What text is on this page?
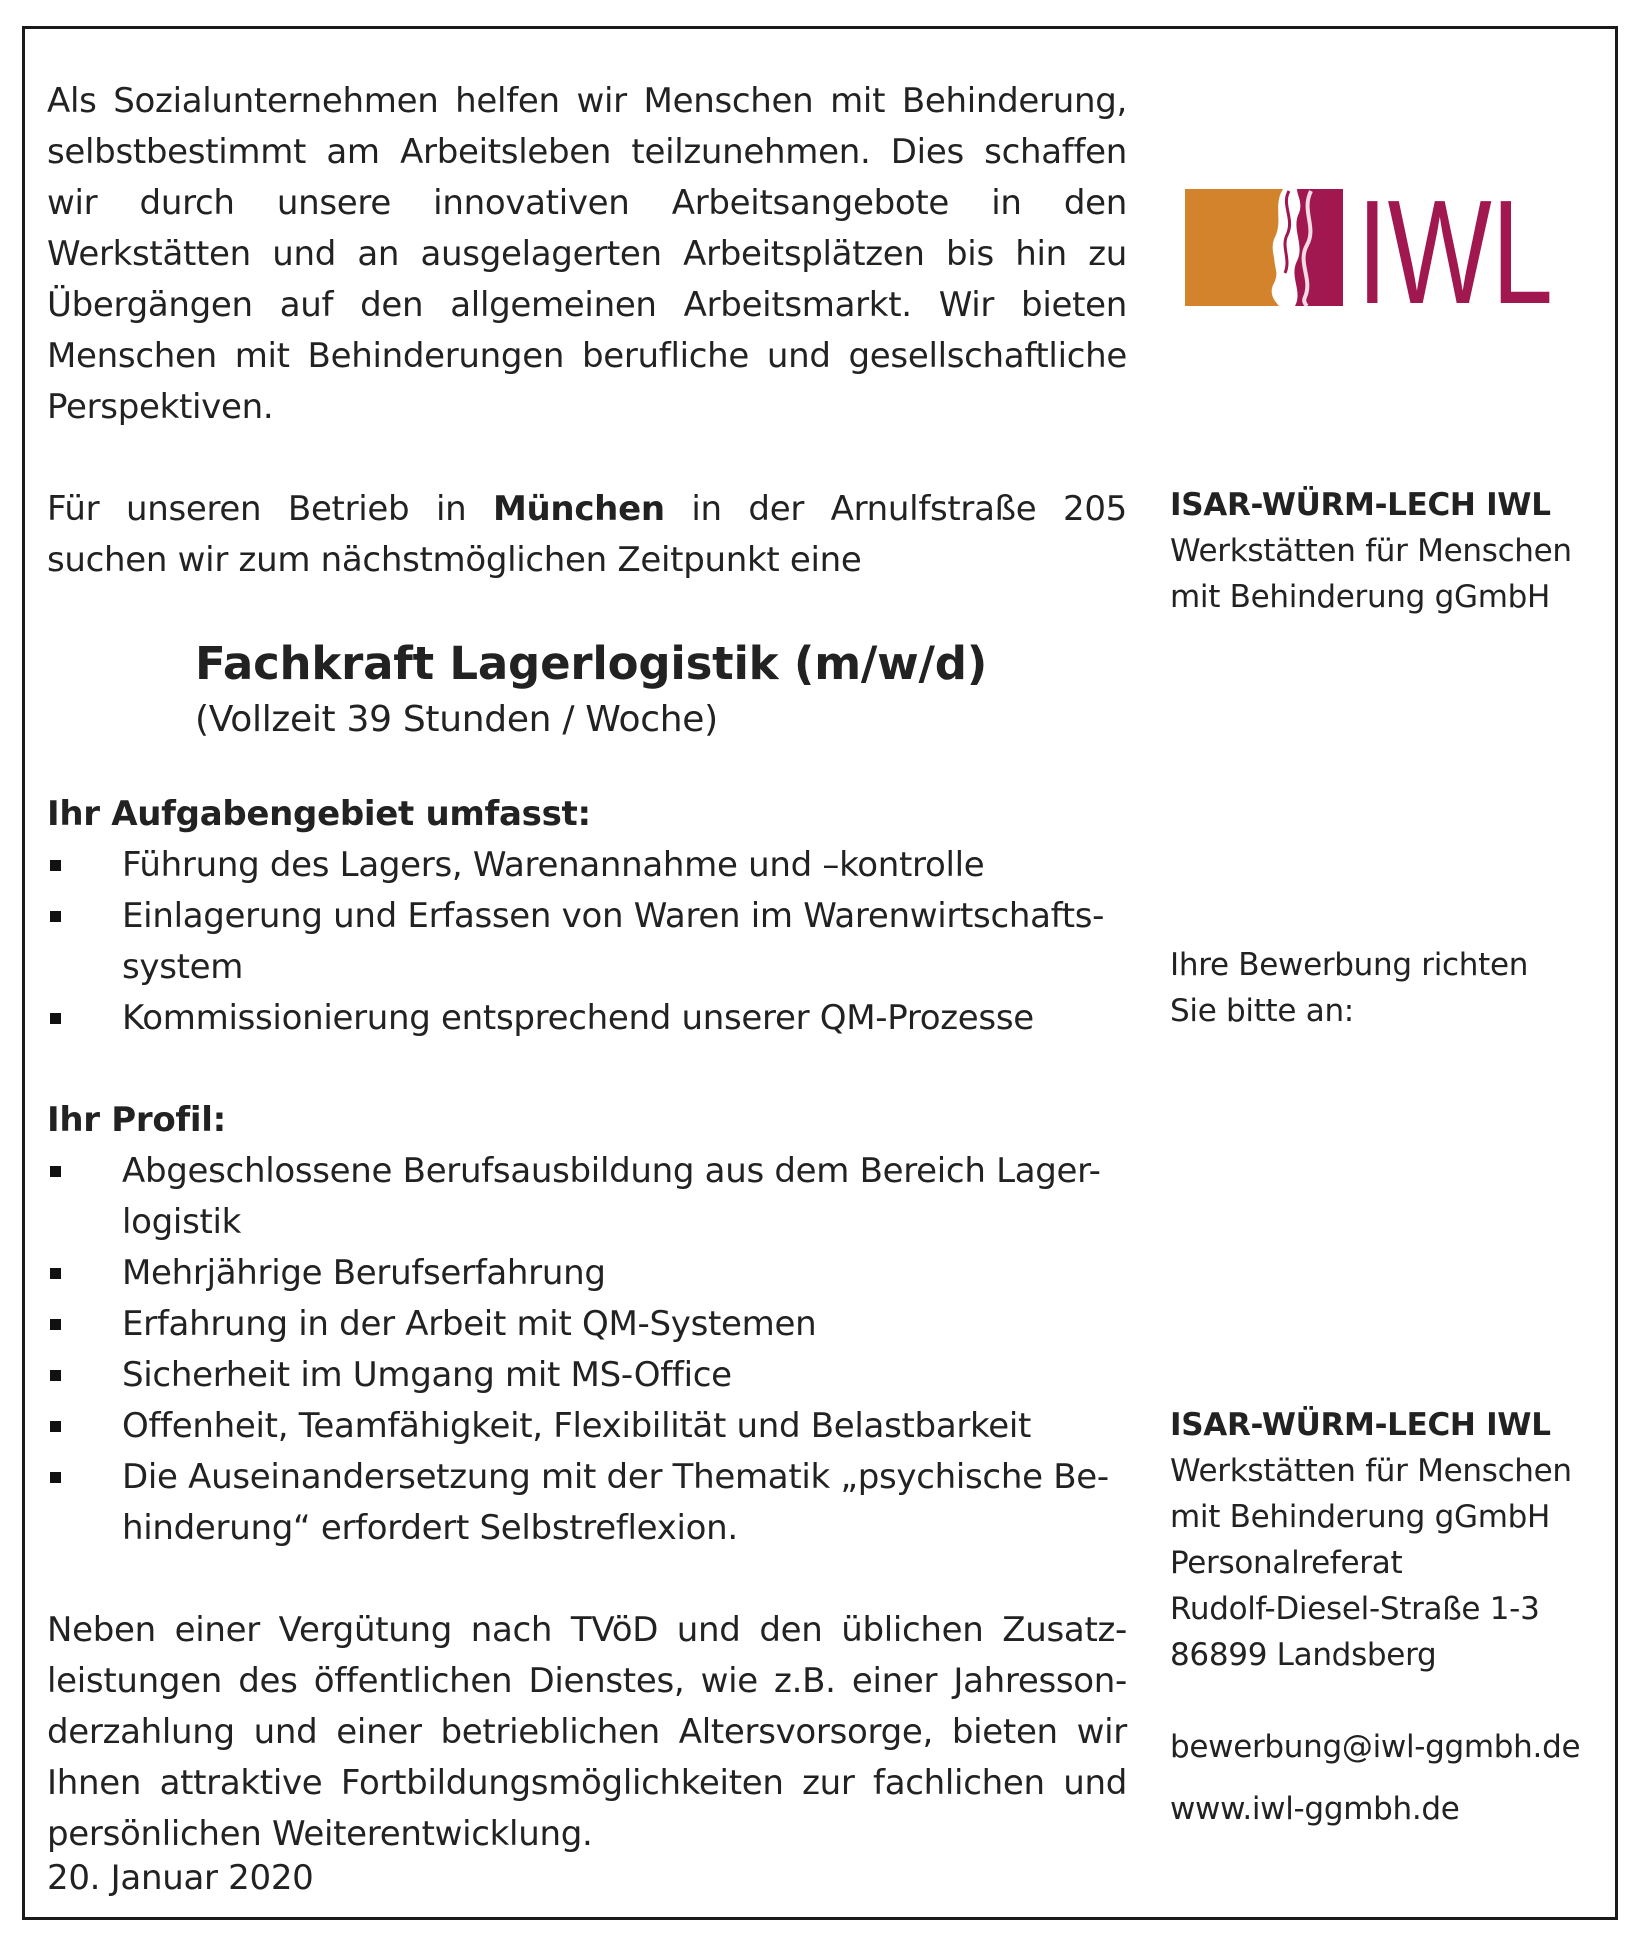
Als Sozialunternehmen helfen wir Menschen mit Behinderung, selbstbestimmt am Arbeitsleben teilzunehmen. Dies schaffen wir durch unsere innovativen Arbeitsangebote in den Werkstätten und an ausgelagerten Arbeitsplätzen bis hin zu Übergängen auf den allgemeinen Arbeitsmarkt. Wir bieten Menschen mit Behinderungen berufliche und gesellschaftliche Perspektiven.

Für unseren Betrieb in München in der Arnulfstraße 205 suchen wir zum nächstmöglichen Zeitpunkt eine

Fachkraft Lagerlogistik (m/w/d)

(Vollzeit 39 Stunden / Woche)

Ihr Aufgabengebiet umfasst:

Führung des Lagers, Warenannahme und –kontrolle
Einlagerung und Erfassen von Waren im Warenwirtschafts-system
Kommissionierung entsprechend unserer QM-Prozesse

Ihr Profil:

Abgeschlossene Berufsausbildung aus dem Bereich Lager-logistik
Mehrjährige Berufserfahrung
Erfahrung in der Arbeit mit QM-Systemen
Sicherheit im Umgang mit MS-Office
Offenheit, Teamfähigkeit, Flexibilität und Belastbarkeit
Die Auseinandersetzung mit der Thematik „psychische Be-hinderung“ erfordert Selbstreflexion.

Neben einer Vergütung nach TVöD und den üblichen Zusatz-leistungen des öffentlichen Dienstes, wie z.B. einer Jahresson-derzahlung und einer betrieblichen Altersvorsorge, bieten wir Ihnen attraktive Fortbildungsmöglichkeiten zur fachlichen und persönlichen Weiterentwicklung.

20. Januar 2020

IWL

ISAR-WÜRM-LECH IWL

Werkstätten für Menschen

mit Behinderung gGmbH

Ihre Bewerbung richten

Sie bitte an:

ISAR-WÜRM-LECH IWL

Werkstätten für Menschen

mit Behinderung gGmbH

Personalreferat

Rudolf-Diesel-Straße 1-3

86899 Landsberg

bewerbung@iwl-ggmbh.de

www.iwl-ggmbh.de
